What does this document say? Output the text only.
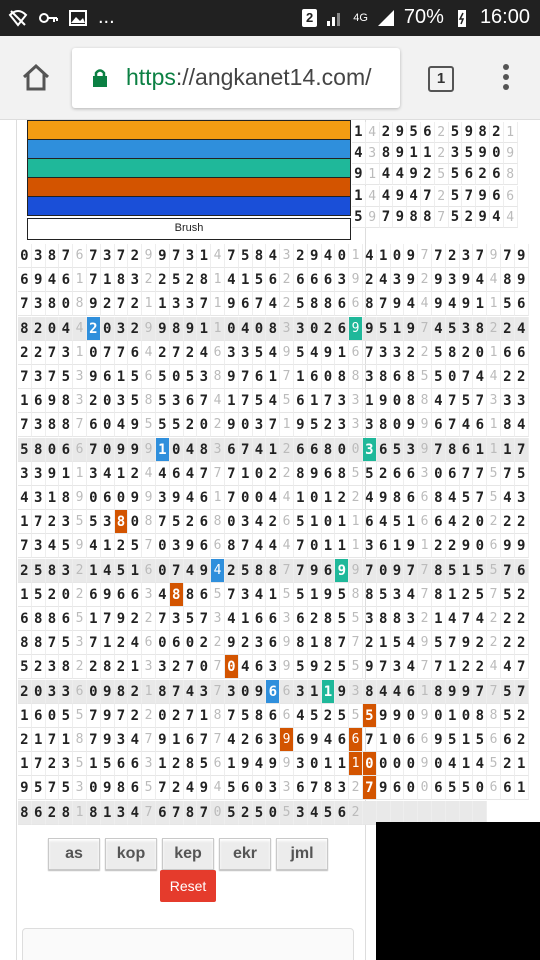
...	2	4G 70% 16:00
https://angkanet14.com/	1
1 4 2 9 5 6 2 5 9 8 2 1
4 3 8 9 1 1 2 3 5 9 0 9
9 1 4 4 9 2 5 5 6 2 6 8
1 4 4 9 4 7 2 5 7 9 6 6
5 9 7 9 8 8 7 5 2 9 4 4
0 3 8 7 6 7 3 7 2 9 9 7 3 1 4 7 5 8 4 3 2 9 4 0 1 4 1 0 9 7 7 2 3 7 9 7 9
6 9 4 6 1 7 1 8 3 2 2 5 2 8 1 4 1 5 6 2 6 6 6 3 9 2 4 3 9 2 9 3 9 4 4 8 9
7 3 8 0 8 9 2 7 2 1 1 3 3 7 1 9 6 7 4 2 5 8 8 6 6 8 7 9 4 4 9 4 9 1 1 5 6
8 2 0 4 4 2 0 3 2 9 9 8 9 1 1 0 4 0 8 3 3 0 2 6 9 9 5 1 9 7 4 5 3 8 2 2 4
2 2 7 3 1 0 7 7 6 4 2 7 2 4 6 3 3 5 4 9 5 4 9 1 6 7 3 3 2 2 5 8 2 0 1 6 6
7 3 7 5 3 9 6 1 5 6 5 0 5 3 8 9 7 6 1 7 1 6 0 8 8 3 8 6 8 5 5 0 7 4 4 2 2
1 6 9 8 3 2 0 3 5 8 5 3 6 7 4 1 7 5 4 5 6 1 7 3 3 1 9 0 8 8 4 7 5 7 3 3 3
7 3 8 8 7 6 0 4 9 5 5 5 2 0 2 9 0 3 7 1 9 5 2 3 3 3 8 0 9 9 6 7 4 6 1 8 4
5 8 0 6 6 7 0 9 9 9 1 0 4 8 3 6 7 4 1 2 6 6 8 0 0 3 6 5 3 9 7 8 6 1 1 1 7
3 3 9 1 1 3 4 1 2 4 4 6 4 7 7 7 1 0 2 2 8 9 6 8 5 5 2 6 6 3 0 6 7 7 5 7 5
4 3 1 8 9 0 6 0 9 9 3 9 4 6 1 7 0 0 4 4 1 0 1 2 2 4 9 8 6 6 8 4 5 7 5 4 3
1 7 2 3 5 5 3 8 0 8 7 5 2 6 8 0 3 4 2 6 5 1 0 1 1 6 4 5 1 6 6 4 2 0 2 2 2
7 3 4 5 9 4 1 2 5 7 0 3 9 6 6 8 7 4 4 4 7 0 1 1 1 3 6 1 9 1 2 2 9 0 6 9 9
2 5 8 3 2 1 4 5 1 6 0 7 4 9 4 2 5 8 8 7 7 9 6 9 9 7 0 9 7 7 8 5 1 5 5 7 6
1 5 2 0 2 6 9 6 6 3 4 8 8 6 5 7 3 4 1 5 5 1 9 5 8 8 5 3 4 7 8 1 2 5 7 5 2
6 8 8 6 5 1 7 9 2 2 7 3 5 7 3 4 1 6 6 3 6 2 8 5 5 3 8 8 3 2 1 4 7 4 2 2 2
8 8 7 5 3 7 1 2 4 6 0 6 0 2 2 9 2 3 6 9 8 1 8 7 7 2 1 5 4 9 5 7 9 2 2 2 2
5 2 3 8 2 2 8 2 1 3 3 2 7 0 7 0 4 6 3 9 5 9 2 5 5 9 7 3 4 7 7 1 2 2 4 4 7
2 0 3 3 6 0 9 8 2 1 8 7 4 3 7 3 0 9 6 6 3 1 1 9 3 8 4 4 6 1 8 9 9 7 7 5 7
1 6 0 5 5 7 9 7 2 2 0 2 7 1 8 7 5 8 6 6 4 5 2 5 5 5 9 9 0 9 0 1 0 8 8 5 2
2 1 7 1 8 7 9 3 4 7 9 1 6 7 7 4 2 6 3 9 6 9 4 6 6 7 1 0 6 6 9 5 1 5 6 6 2
1 7 2 3 5 1 5 6 6 3 1 2 8 5 6 1 9 4 9 9 3 0 1 1 1 0 0 0 0 9 0 4 1 4 5 2 1
9 5 7 5 3 0 9 8 6 5 7 2 4 9 4 5 6 0 3 3 6 7 8 3 2 7 9 6 0 0 6 5 5 0 6 6 1
8 6 2 8 1 8 1 3 4 7 6 7 8 7 0 5 2 5 0 5 3 4 5 6 2
Brush
as	kop	kep	ekr	jml
Reset
